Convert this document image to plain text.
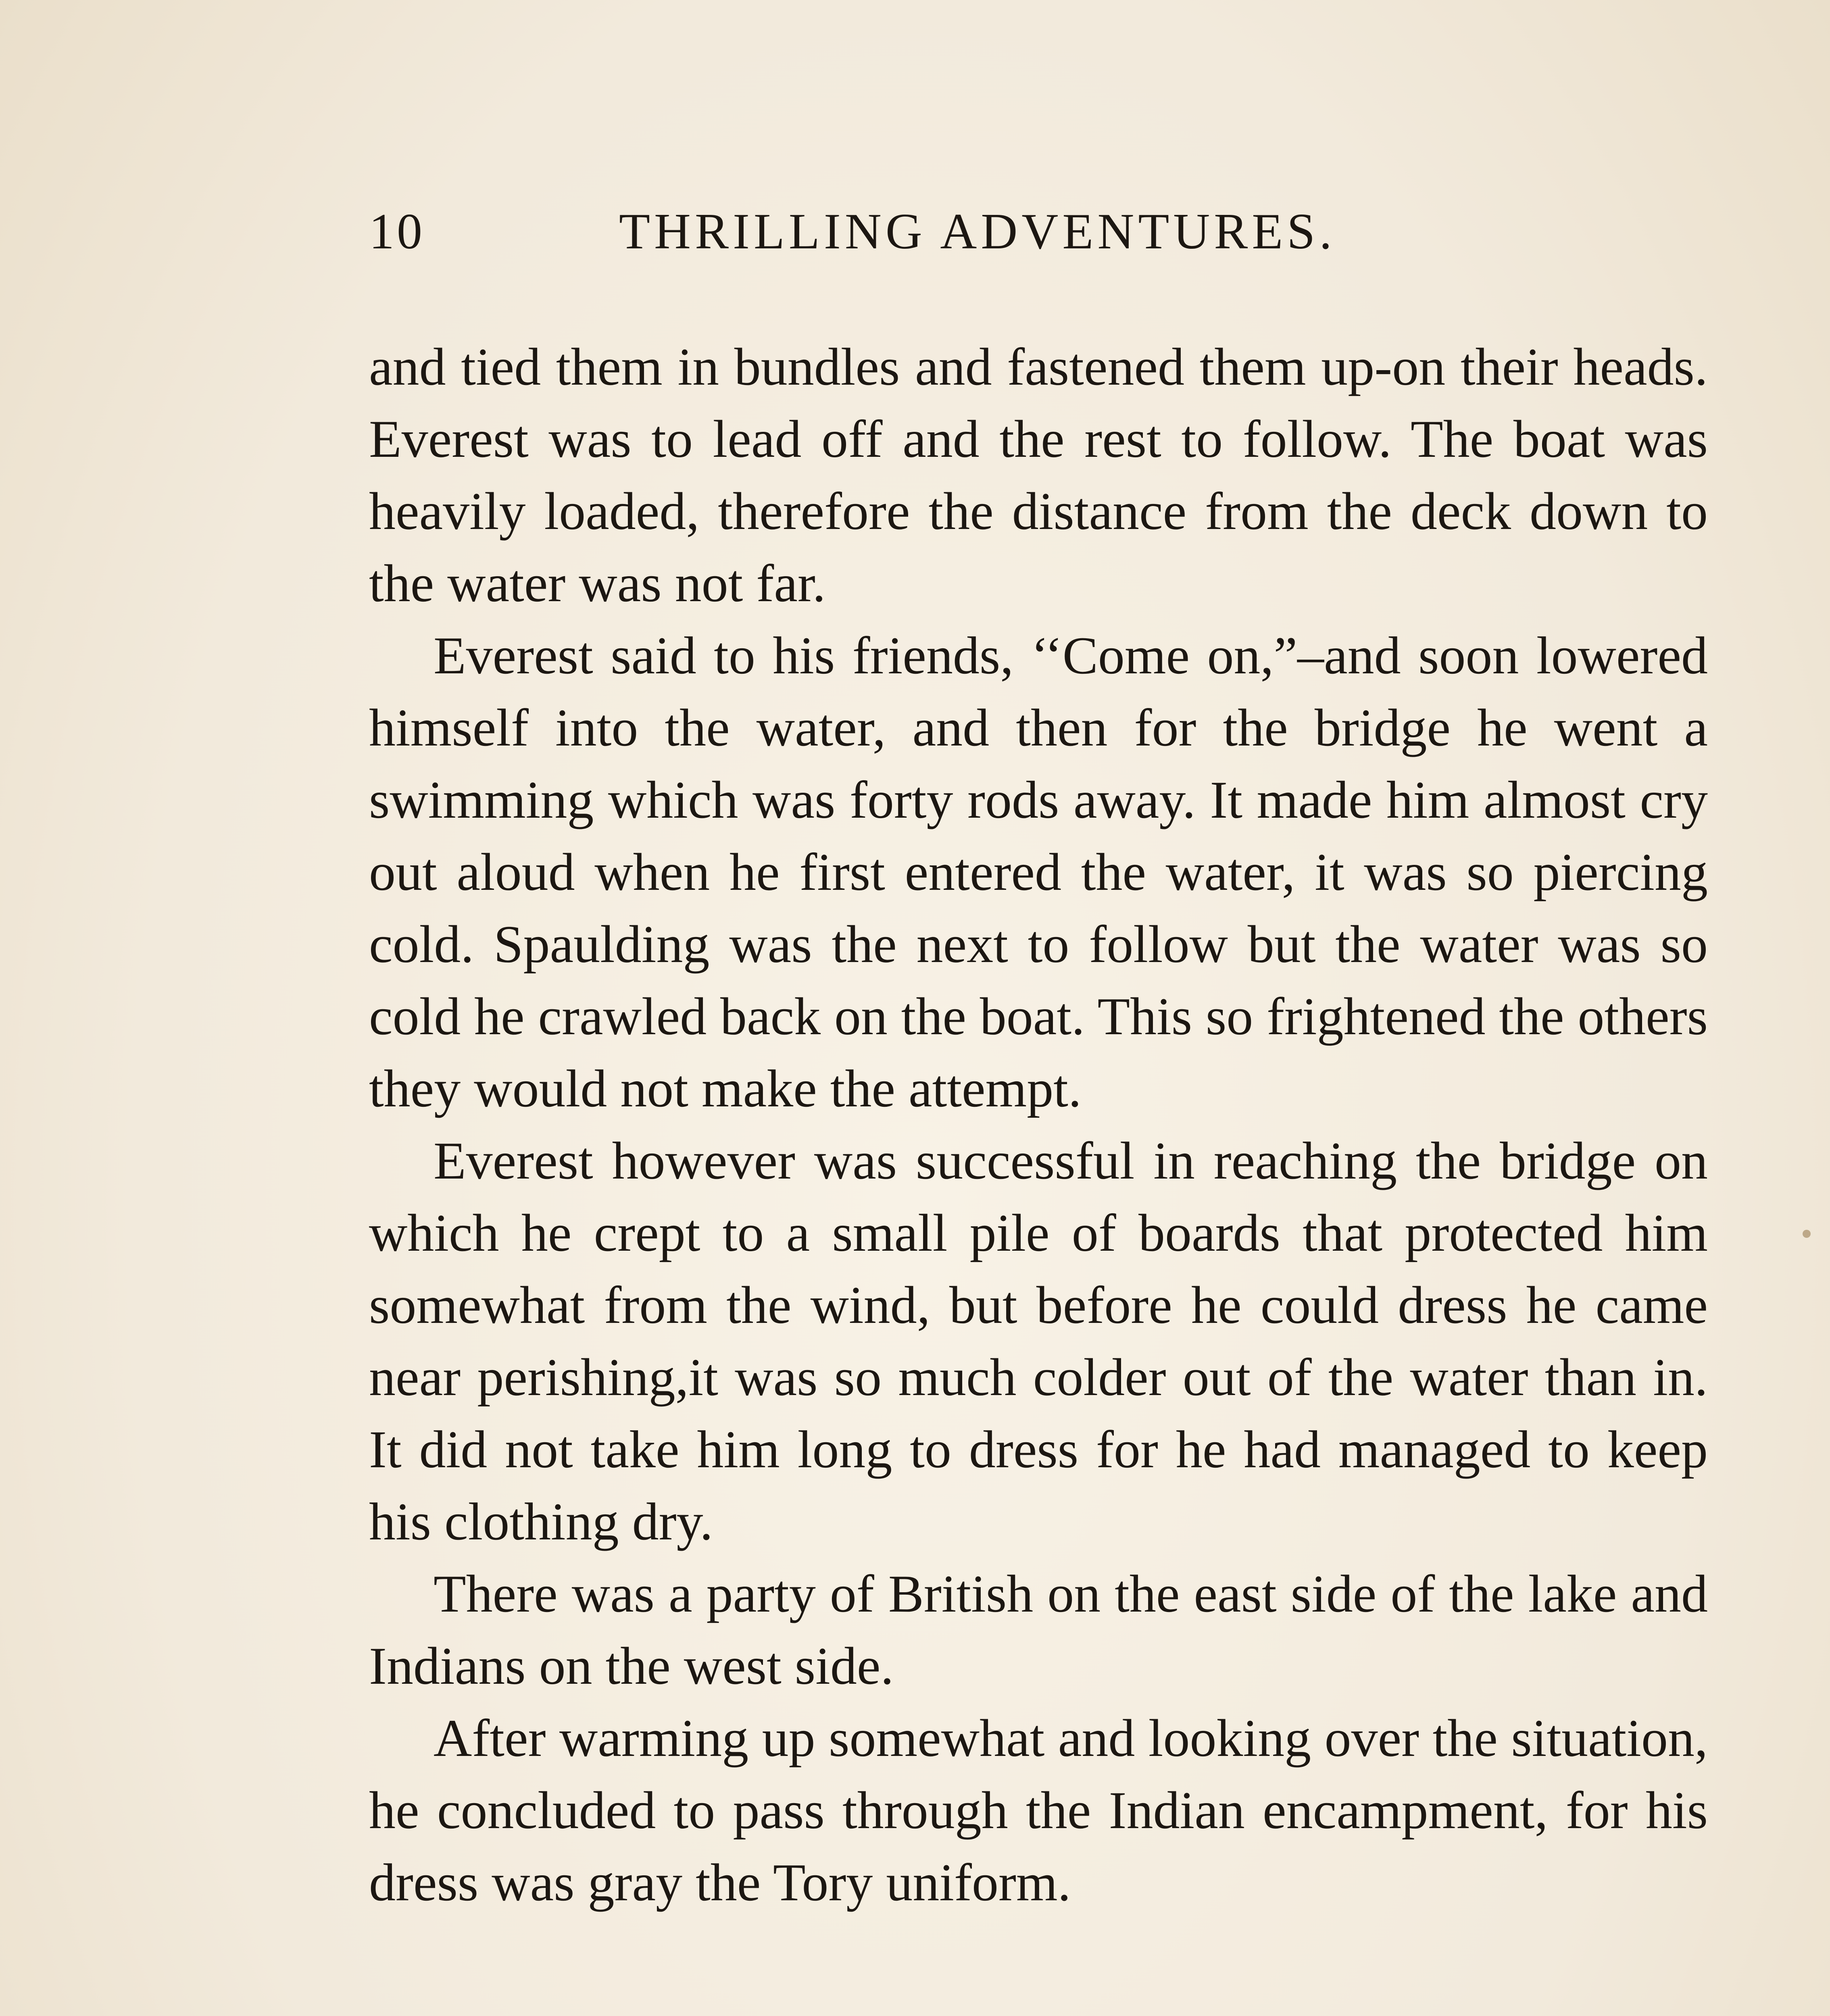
10	THRILLING ADVENTURES.

and tied them in bundles and fastened them up-on their heads. Everest was to lead off and the rest to follow. The boat was heavily loaded, therefore the distance from the deck down to the water was not far.

Everest said to his friends, ‘‘Come on,”–and soon lowered himself into the water, and then for the bridge he went a swimming which was forty rods away. It made him almost cry out aloud when he first entered the water, it was so piercing cold. Spaulding was the next to follow but the water was so cold he crawled back on the boat. This so frightened the others they would not make the attempt.

Everest however was successful in reaching the bridge on which he crept to a small pile of boards that protected him somewhat from the wind, but before he could dress he came near perishing,it was so much colder out of the water than in. It did not take him long to dress for he had managed to keep his clothing dry.

There was a party of British on the east side of the lake and Indians on the west side.

After warming up somewhat and looking over the situation, he concluded to pass through the Indian encampment, for his dress was gray the Tory uniform.
